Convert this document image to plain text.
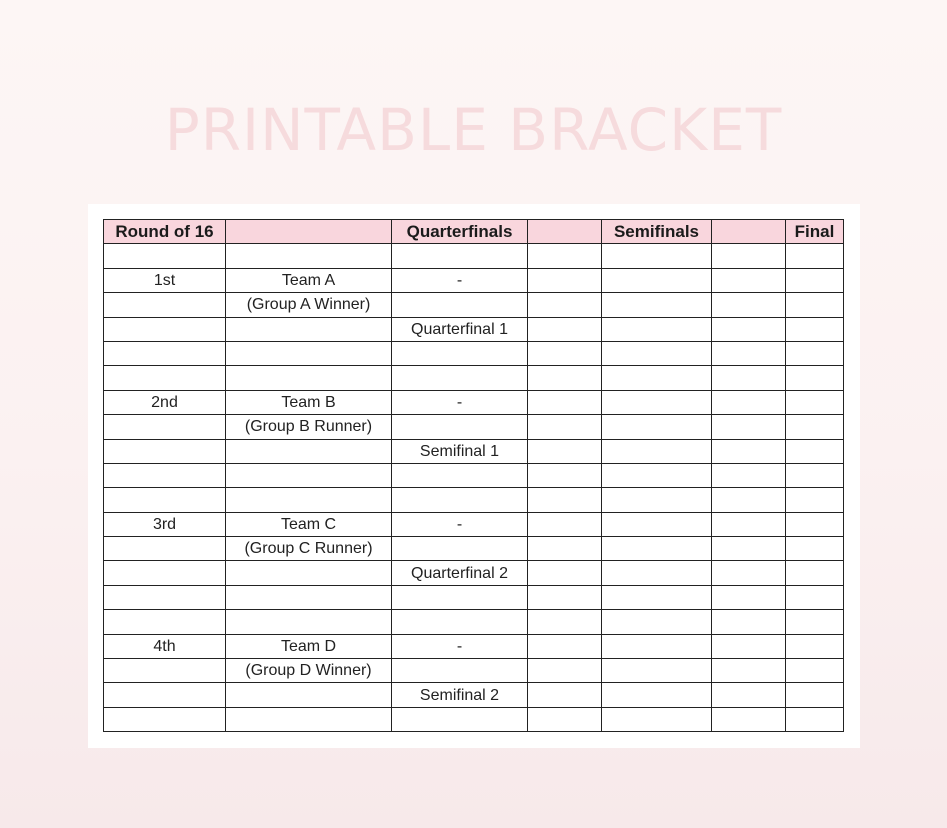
PRINTABLE BRACKET
Round of 16		Quarterfinals		Semifinals		Final

1st	Team A	-				
	(Group A Winner)					
		Quarterfinal 1				

2nd	Team B	-				
	(Group B Runner)					
		Semifinal 1				

3rd	Team C	-				
	(Group C Runner)					
		Quarterfinal 2				

4th	Team D	-				
	(Group D Winner)					
		Semifinal 2				
